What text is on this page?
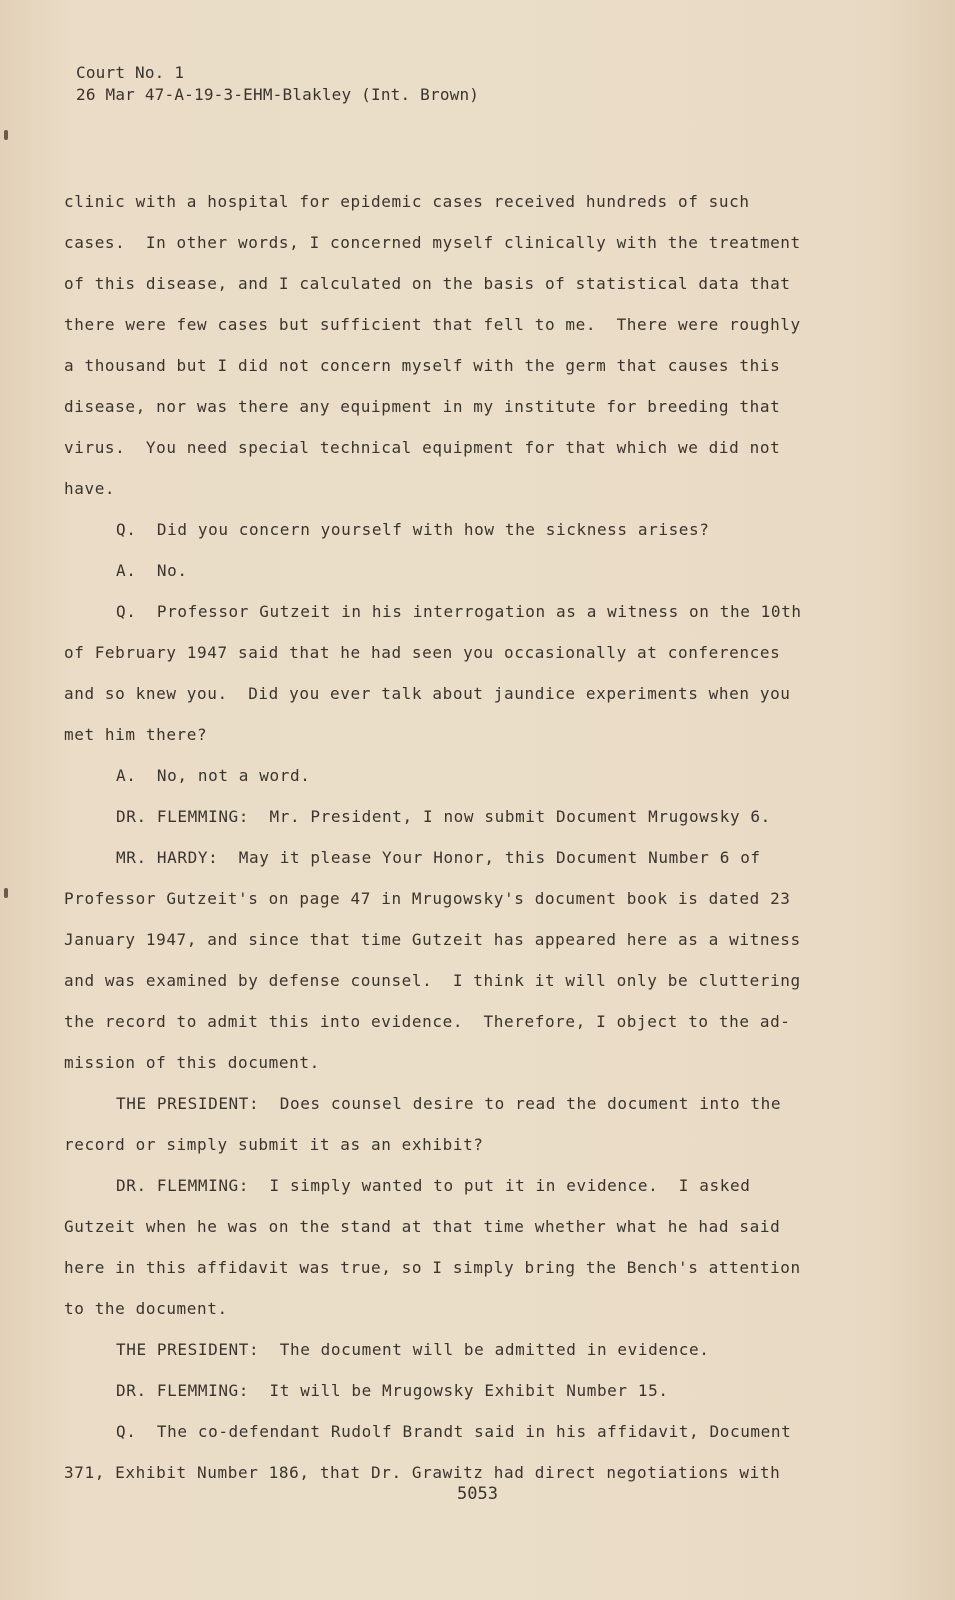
Court No. 1
26 Mar 47-A-19-3-EHM-Blakley (Int. Brown)
clinic with a hospital for epidemic cases received hundreds of such
cases.  In other words, I concerned myself clinically with the treatment
of this disease, and I calculated on the basis of statistical data that
there were few cases but sufficient that fell to me.  There were roughly
a thousand but I did not concern myself with the germ that causes this
disease, nor was there any equipment in my institute for breeding that
virus.  You need special technical equipment for that which we did not
have.
Q.  Did you concern yourself with how the sickness arises?
A.  No.
Q.  Professor Gutzeit in his interrogation as a witness on the 10th
of February 1947 said that he had seen you occasionally at conferences
and so knew you.  Did you ever talk about jaundice experiments when you
met him there?
A.  No, not a word.
DR. FLEMMING:  Mr. President, I now submit Document Mrugowsky 6.
MR. HARDY:  May it please Your Honor, this Document Number 6 of
Professor Gutzeit's on page 47 in Mrugowsky's document book is dated 23
January 1947, and since that time Gutzeit has appeared here as a witness
and was examined by defense counsel.  I think it will only be cluttering
the record to admit this into evidence.  Therefore, I object to the ad-
mission of this document.
THE PRESIDENT:  Does counsel desire to read the document into the
record or simply submit it as an exhibit?
DR. FLEMMING:  I simply wanted to put it in evidence.  I asked
Gutzeit when he was on the stand at that time whether what he had said
here in this affidavit was true, so I simply bring the Bench's attention
to the document.
THE PRESIDENT:  The document will be admitted in evidence.
DR. FLEMMING:  It will be Mrugowsky Exhibit Number 15.
Q.  The co-defendant Rudolf Brandt said in his affidavit, Document
371, Exhibit Number 186, that Dr. Grawitz had direct negotiations with
5053
